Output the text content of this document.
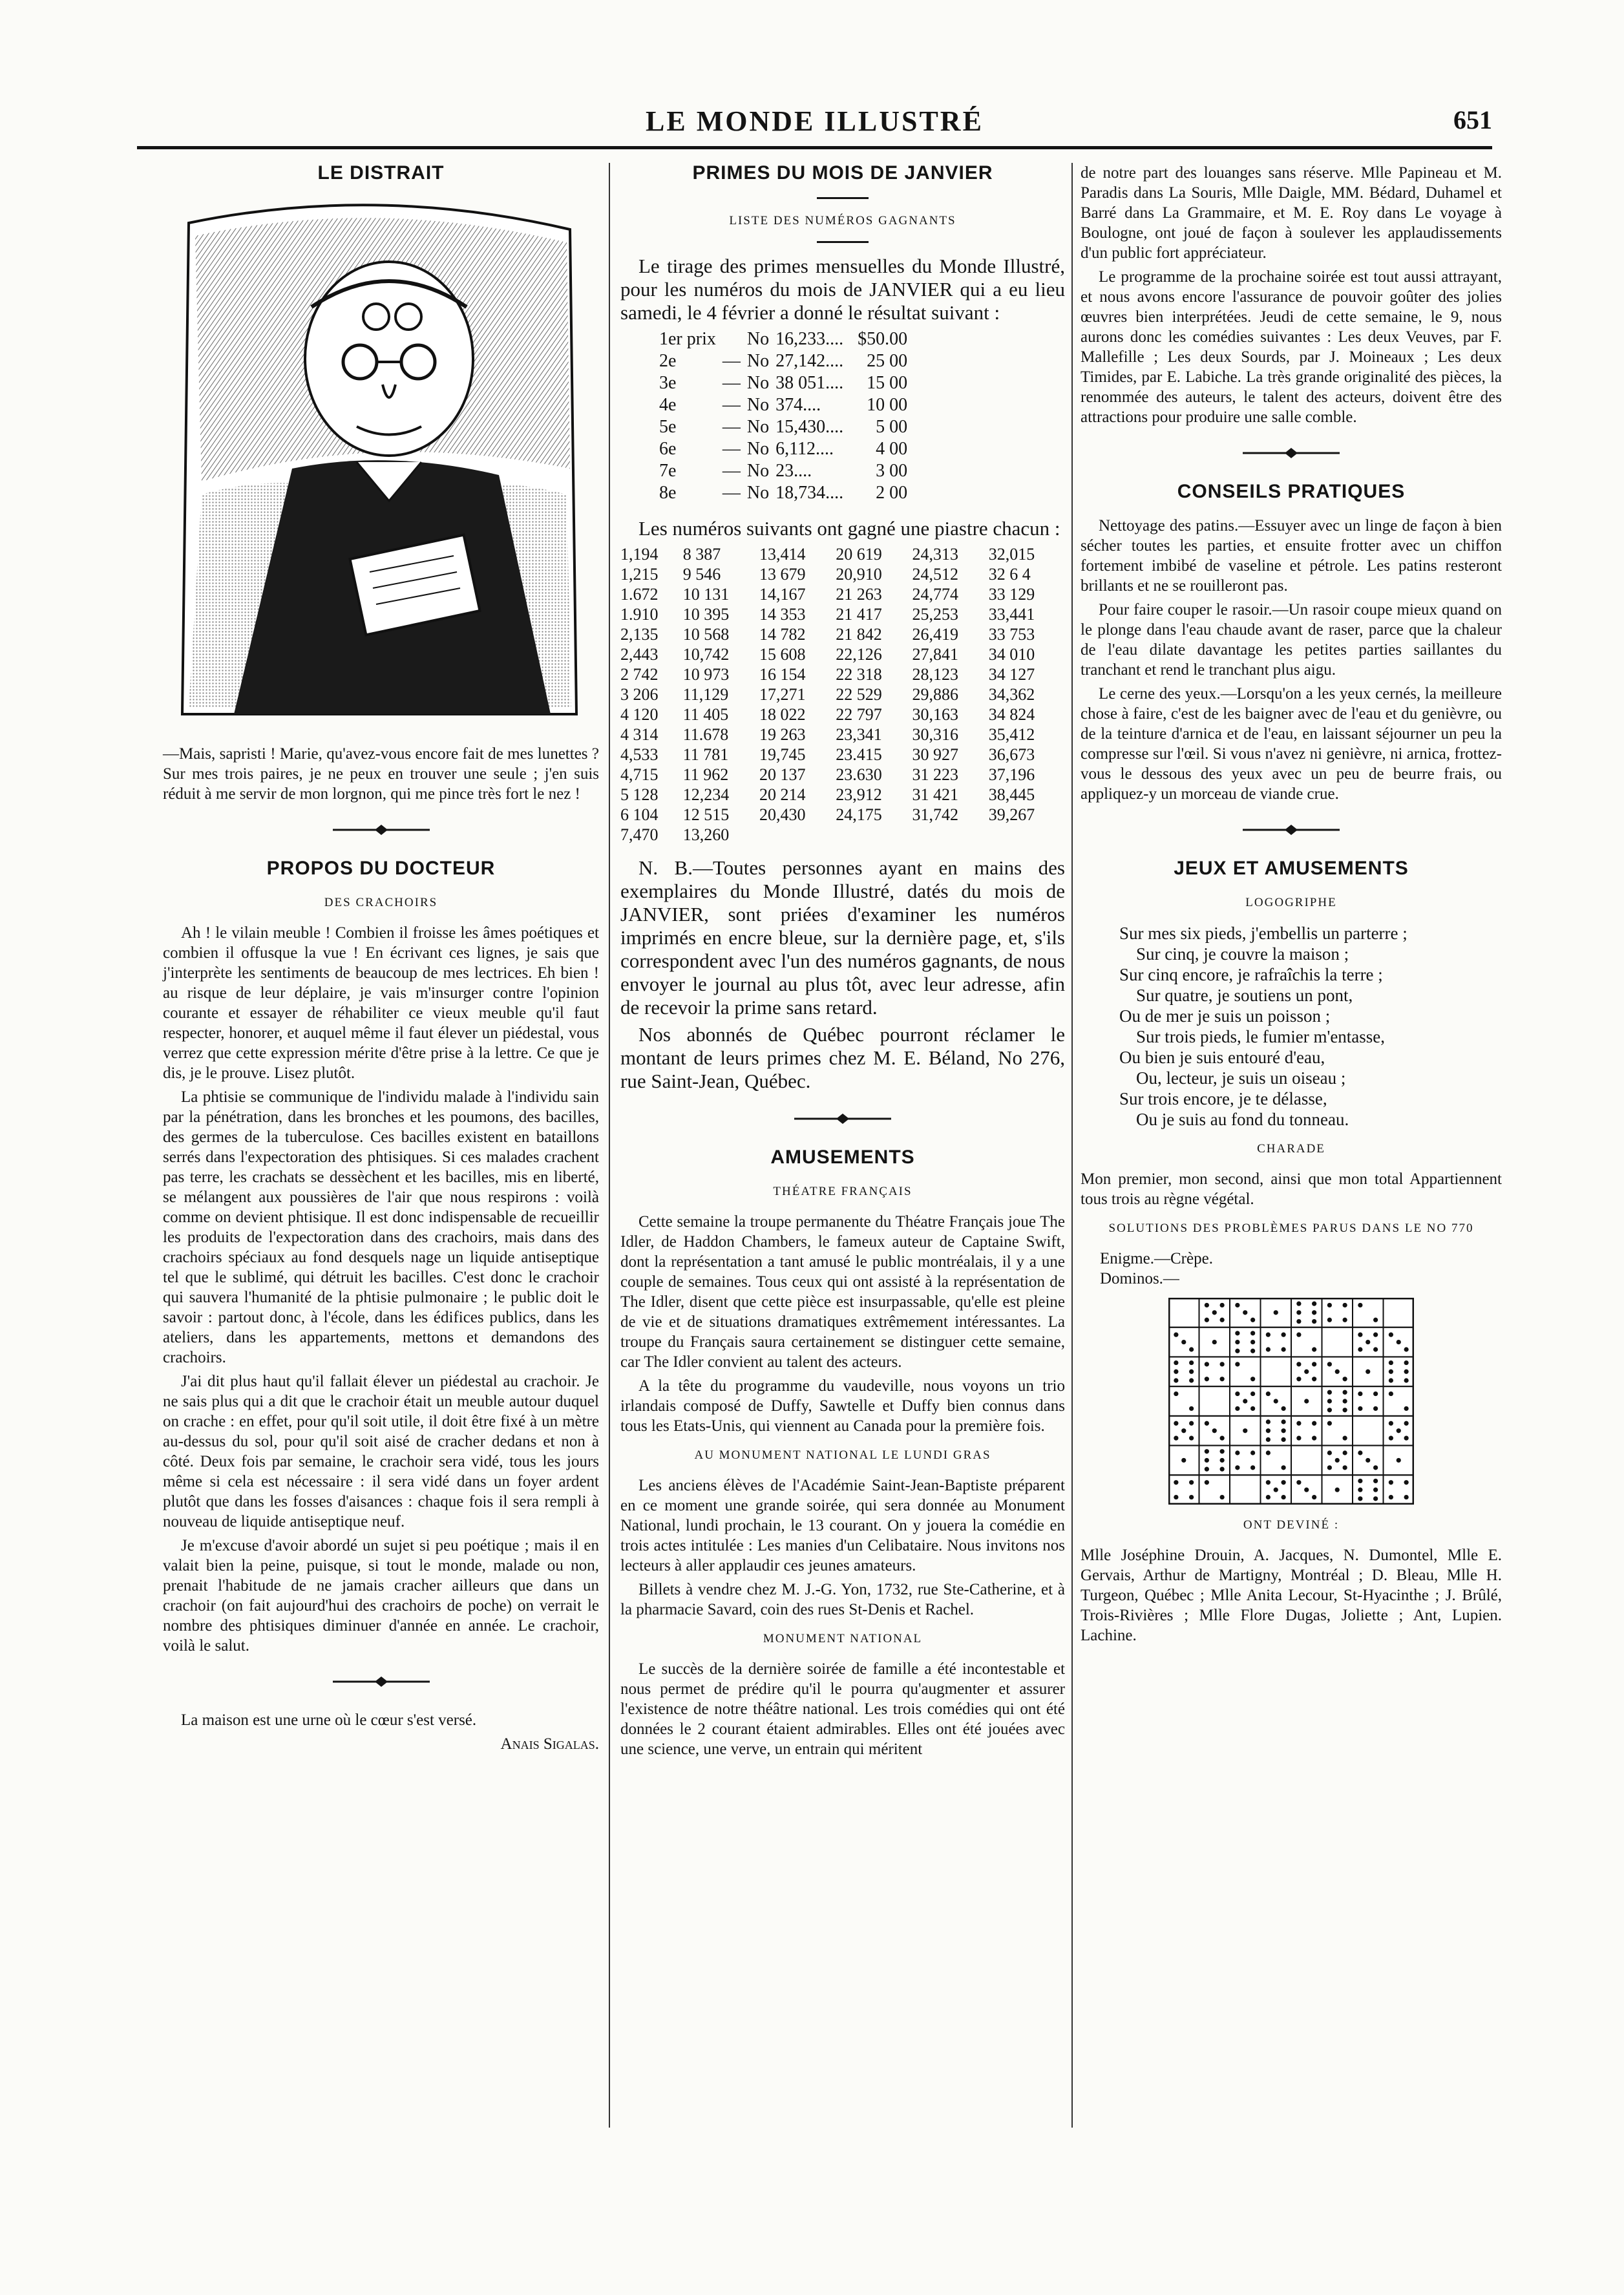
LE MONDE ILLUSTRÉ	651
LE DISTRAIT

—Mais, sapristi ! Marie, qu'avez-vous encore fait de mes lunettes ? Sur mes trois paires, je ne peux en trouver une seule ; j'en suis réduit à me servir de mon lorgnon, qui me pince très fort le nez !

PROPOS DU DOCTEUR
DES CRACHOIRS

Ah ! le vilain meuble ! Combien il froisse les âmes poétiques et combien il offusque la vue ! En écrivant ces lignes, je sais que j'interprète les sentiments de beaucoup de mes lectrices. Eh bien ! au risque de leur déplaire, je vais m'insurger contre l'opinion courante et essayer de réhabiliter ce vieux meuble qu'il faut respecter, honorer, et auquel même il faut élever un piédestal, vous verrez que cette expression mérite d'être prise à la lettre. Ce que je dis, je le prouve. Lisez plutôt.

La phtisie se communique de l'individu malade à l'individu sain par la pénétration, dans les bronches et les poumons, des bacilles, des germes de la tuberculose. Ces bacilles existent en bataillons serrés dans l'expectoration des phtisiques. Si ces malades crachent pas terre, les crachats se dessèchent et les bacilles, mis en liberté, se mélangent aux poussières de l'air que nous respirons : voilà comme on devient phtisique. Il est donc indispensable de recueillir les produits de l'expectoration dans des crachoirs, mais dans des crachoirs spéciaux au fond desquels nage un liquide antiseptique tel que le sublimé, qui détruit les bacilles. C'est donc le crachoir qui sauvera l'humanité de la phtisie pulmonaire ; le public doit le savoir : partout donc, à l'école, dans les édifices publics, dans les ateliers, dans les appartements, mettons et demandons des crachoirs.

J'ai dit plus haut qu'il fallait élever un piédestal au crachoir. Je ne sais plus qui a dit que le crachoir était un meuble autour duquel on crache : en effet, pour qu'il soit utile, il doit être fixé à un mètre au-dessus du sol, pour qu'il soit aisé de cracher dedans et non à côté. Deux fois par semaine, le crachoir sera vidé, tous les jours même si cela est nécessaire : il sera vidé dans un foyer ardent plutôt que dans les fosses d'aisances : chaque fois il sera rempli à nouveau de liquide antiseptique neuf.

Je m'excuse d'avoir abordé un sujet si peu poétique ; mais il en valait bien la peine, puisque, si tout le monde, malade ou non, prenait l'habitude de ne jamais cracher ailleurs que dans un crachoir (on fait aujourd'hui des crachoirs de poche) on verrait le nombre des phtisiques diminuer d'année en année. Le crachoir, voilà le salut.

La maison est une urne où le cœur s'est versé.

Anais Sigalas.
PRIMES DU MOIS DE JANVIER
LISTE DES NUMÉROS GAGNANTS

Le tirage des primes mensuelles du Monde Illustré, pour les numéros du mois de JANVIER qui a eu lieu samedi, le 4 février a donné le résultat suivant :

1er prix		No	16,233....	$50.00
2e	—	No	27,142....	25 00
3e	—	No	38 051....	15 00
4e	—	No	374....	10 00
5e	—	No	15,430....	5 00
6e	—	No	6,112....	4 00
7e	—	No	23....	3 00
8e	—	No	18,734....	2 00

Les numéros suivants ont gagné une piastre chacun :

1,194	8 387	13,414	20 619	24,313	32,015
1,215	9 546	13 679	20,910	24,512	32 6 4
1.672	10 131	14,167	21 263	24,774	33 129
1.910	10 395	14 353	21 417	25,253	33,441
2,135	10 568	14 782	21 842	26,419	33 753
2,443	10,742	15 608	22,126	27,841	34 010
2 742	10 973	16 154	22 318	28,123	34 127
3 206	11,129	17,271	22 529	29,886	34,362
4 120	11 405	18 022	22 797	30,163	34 824
4 314	11.678	19 263	23,341	30,316	35,412
4,533	11 781	19,745	23.415	30 927	36,673
4,715	11 962	20 137	23.630	31 223	37,196
5 128	12,234	20 214	23,912	31 421	38,445
6 104	12 515	20,430	24,175	31,742	39,267
7,470	13,260				

N. B.—Toutes personnes ayant en mains des exemplaires du Monde Illustré, datés du mois de JANVIER, sont priées d'examiner les numéros imprimés en encre bleue, sur la dernière page, et, s'ils correspondent avec l'un des numéros gagnants, de nous envoyer le journal au plus tôt, avec leur adresse, afin de recevoir la prime sans retard.

Nos abonnés de Québec pourront réclamer le montant de leurs primes chez M. E. Béland, No 276, rue Saint-Jean, Québec.

AMUSEMENTS
THÉATRE FRANÇAIS

Cette semaine la troupe permanente du Théatre Français joue The Idler, de Haddon Chambers, le fameux auteur de Captaine Swift, dont la représentation a tant amusé le public montréalais, il y a une couple de semaines. Tous ceux qui ont assisté à la représentation de The Idler, disent que cette pièce est insurpassable, qu'elle est pleine de vie et de situations dramatiques extrêmement intéressantes. La troupe du Français saura certainement se distinguer cette semaine, car The Idler convient au talent des acteurs.

A la tête du programme du vaudeville, nous voyons un trio irlandais composé de Duffy, Sawtelle et Duffy bien connus dans tous les Etats-Unis, qui viennent au Canada pour la première fois.

AU MONUMENT NATIONAL LE LUNDI GRAS

Les anciens élèves de l'Académie Saint-Jean-Baptiste préparent en ce moment une grande soirée, qui sera donnée au Monument National, lundi prochain, le 13 courant. On y jouera la comédie en trois actes intitulée : Les manies d'un Celibataire. Nous invitons nos lecteurs à aller applaudir ces jeunes amateurs.

Billets à vendre chez M. J.-G. Yon, 1732, rue Ste-Catherine, et à la pharmacie Savard, coin des rues St-Denis et Rachel.

MONUMENT NATIONAL

Le succès de la dernière soirée de famille a été incontestable et nous permet de prédire qu'il le pourra qu'augmenter et assurer l'existence de notre théâtre national. Les trois comédies qui ont été données le 2 courant étaient admirables. Elles ont été jouées avec une science, une verve, un entrain qui méritent

de notre part des louanges sans réserve. Mlle Papineau et M. Paradis dans La Souris, Mlle Daigle, MM. Bédard, Duhamel et Barré dans La Grammaire, et M. E. Roy dans Le voyage à Boulogne, ont joué de façon à soulever les applaudissements d'un public fort appréciateur.

Le programme de la prochaine soirée est tout aussi attrayant, et nous avons encore l'assurance de pouvoir goûter des jolies œuvres bien interprétées. Jeudi de cette semaine, le 9, nous aurons donc les comédies suivantes : Les deux Veuves, par F. Mallefille ; Les deux Sourds, par J. Moineaux ; Les deux Timides, par E. Labiche. La très grande originalité des pièces, la renommée des auteurs, le talent des acteurs, doivent être des attractions pour produire une salle comble.

CONSEILS PRATIQUES

Nettoyage des patins.—Essuyer avec un linge de façon à bien sécher toutes les parties, et ensuite frotter avec un chiffon fortement imbibé de vaseline et pétrole. Les patins resteront brillants et ne se rouilleront pas.

Pour faire couper le rasoir.—Un rasoir coupe mieux quand on le plonge dans l'eau chaude avant de raser, parce que la chaleur de l'eau dilate davantage les petites parties saillantes du tranchant et rend le tranchant plus aigu.

Le cerne des yeux.—Lorsqu'on a les yeux cernés, la meilleure chose à faire, c'est de les baigner avec de l'eau et du genièvre, ou de la teinture d'arnica et de l'eau, en laissant séjourner un peu la compresse sur l'œil. Si vous n'avez ni genièvre, ni arnica, frottez-vous le dessous des yeux avec un peu de beurre frais, ou appliquez-y un morceau de viande crue.

JEUX ET AMUSEMENTS
LOGOGRIPHE
Sur mes six pieds, j'embellis un parterre ;
Sur cinq, je couvre la maison ;
Sur cinq encore, je rafraîchis la terre ;
Sur quatre, je soutiens un pont,
Ou de mer je suis un poisson ;
Sur trois pieds, le fumier m'entasse,
Ou bien je suis entouré d'eau,
Ou, lecteur, je suis un oiseau ;
Sur trois encore, je te délasse,
Ou je suis au fond du tonneau.
CHARADE

Mon premier, mon second, ainsi que mon total Appartiennent tous trois au règne végétal.

SOLUTIONS DES PROBLÈMES PARUS DANS LE NO 770
Enigme.—Crèpe.
Dominos.—
ONT DEVINÉ :

Mlle Joséphine Drouin, A. Jacques, N. Dumontel, Mlle E. Gervais, Arthur de Martigny, Montréal ; D. Bleau, Mlle H. Turgeon, Québec ; Mlle Anita Lecour, St-Hyacinthe ; J. Brûlé, Trois-Rivières ; Mlle Flore Dugas, Joliette ; Ant, Lupien. Lachine.
